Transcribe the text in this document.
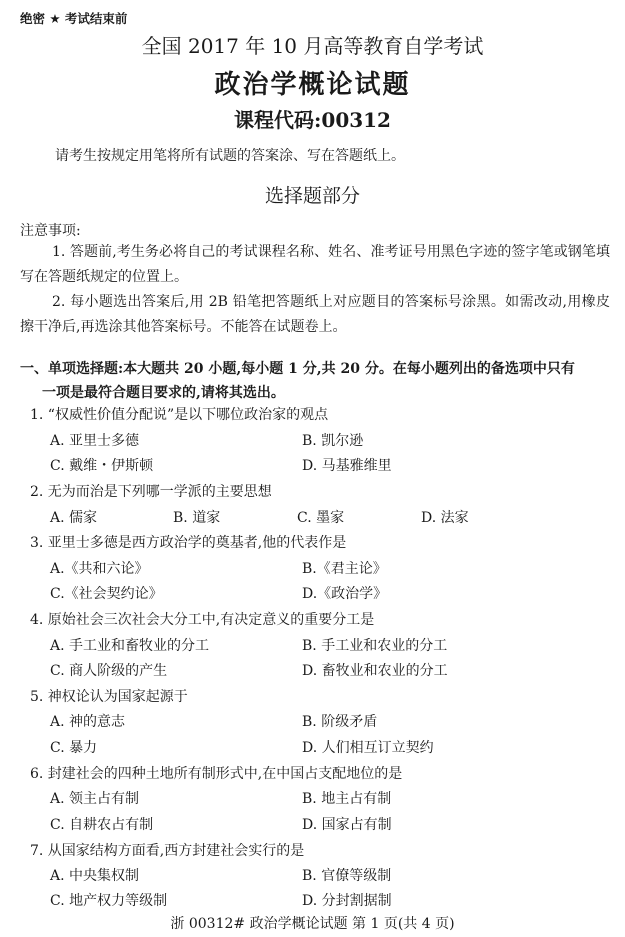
绝密 ★ 考试结束前
全国 2017 年 10 月高等教育自学考试
政治学概论试题
课程代码:00312
请考生按规定用笔将所有试题的答案涂、写在答题纸上。
选择题部分
注意事项:
1. 答题前,考生务必将自己的考试课程名称、姓名、准考证号用黑色字迹的签字笔或钢笔填写在答题纸规定的位置上。
2. 每小题选出答案后,用 2B 铅笔把答题纸上对应题目的答案标号涂黑。如需改动,用橡皮擦干净后,再选涂其他答案标号。不能答在试题卷上。
一、单项选择题:本大题共 20 小题,每小题 1 分,共 20 分。在每小题列出的备选项中只有
一项是最符合题目要求的,请将其选出。
1. “权威性价值分配说”是以下哪位政治家的观点
A. 亚里士多德	B. 凯尔逊
C. 戴维・伊斯顿	D. 马基雅维里
2. 无为而治是下列哪一学派的主要思想
A. 儒家	B. 道家	C. 墨家	D. 法家
3. 亚里士多德是西方政治学的奠基者,他的代表作是
A.《共和六论》	B.《君主论》
C.《社会契约论》	D.《政治学》
4. 原始社会三次社会大分工中,有决定意义的重要分工是
A. 手工业和畜牧业的分工	B. 手工业和农业的分工
C. 商人阶级的产生	D. 畜牧业和农业的分工
5. 神权论认为国家起源于
A. 神的意志	B. 阶级矛盾
C. 暴力	D. 人们相互订立契约
6. 封建社会的四种土地所有制形式中,在中国占支配地位的是
A. 领主占有制	B. 地主占有制
C. 自耕农占有制	D. 国家占有制
7. 从国家结构方面看,西方封建社会实行的是
A. 中央集权制	B. 官僚等级制
C. 地产权力等级制	D. 分封割据制
浙 00312# 政治学概论试题 第 1 页(共 4 页)
